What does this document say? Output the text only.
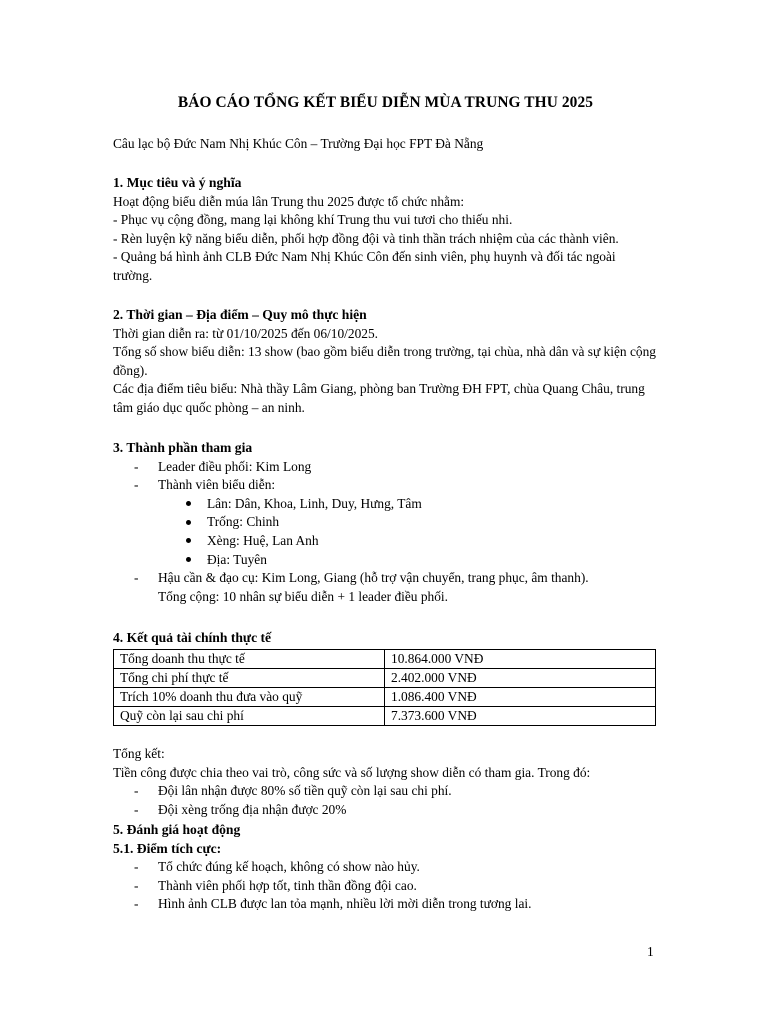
BÁO CÁO TỔNG KẾT BIỂU DIỄN MÙA TRUNG THU 2025
Câu lạc bộ Đức Nam Nhị Khúc Côn – Trường Đại học FPT Đà Nẵng
1. Mục tiêu và ý nghĩa
Hoạt động biểu diễn múa lân Trung thu 2025 được tổ chức nhằm:
- Phục vụ cộng đồng, mang lại không khí Trung thu vui tươi cho thiếu nhi.
- Rèn luyện kỹ năng biểu diễn, phối hợp đồng đội và tinh thần trách nhiệm của các thành viên.
- Quảng bá hình ảnh CLB Đức Nam Nhị Khúc Côn đến sinh viên, phụ huynh và đối tác ngoài trường.
2. Thời gian – Địa điểm – Quy mô thực hiện
Thời gian diễn ra: từ 01/10/2025 đến 06/10/2025.
Tổng số show biểu diễn: 13 show (bao gồm biểu diễn trong trường, tại chùa, nhà dân và sự kiện cộng đồng).
Các địa điểm tiêu biểu: Nhà thầy Lâm Giang, phòng ban Trường ĐH FPT, chùa Quang Châu, trung tâm giáo dục quốc phòng – an ninh.
3. Thành phần tham gia
- Leader điều phối: Kim Long
- Thành viên biểu diễn:
Lân: Dân, Khoa, Linh, Duy, Hưng, Tâm
Trống: Chinh
Xèng: Huệ, Lan Anh
Địa: Tuyên
- Hậu cần & đạo cụ: Kim Long, Giang (hỗ trợ vận chuyển, trang phục, âm thanh).
Tổng cộng: 10 nhân sự biểu diễn + 1 leader điều phối.
4. Kết quả tài chính thực tế
Tổng doanh thu thực tế	10.864.000 VNĐ
Tổng chi phí thực tế	2.402.000 VNĐ
Trích 10% doanh thu đưa vào quỹ	1.086.400 VNĐ
Quỹ còn lại sau chi phí	7.373.600 VNĐ
Tổng kết:
Tiền công được chia theo vai trò, công sức và số lượng show diễn có tham gia. Trong đó:
- Đội lân nhận được 80% số tiền quỹ còn lại sau chi phí.
- Đội xèng trống địa nhận được 20%
5. Đánh giá hoạt động
5.1. Điểm tích cực:
- Tổ chức đúng kế hoạch, không có show nào hủy.
- Thành viên phối hợp tốt, tinh thần đồng đội cao.
- Hình ảnh CLB được lan tỏa mạnh, nhiều lời mời diễn trong tương lai.
1
